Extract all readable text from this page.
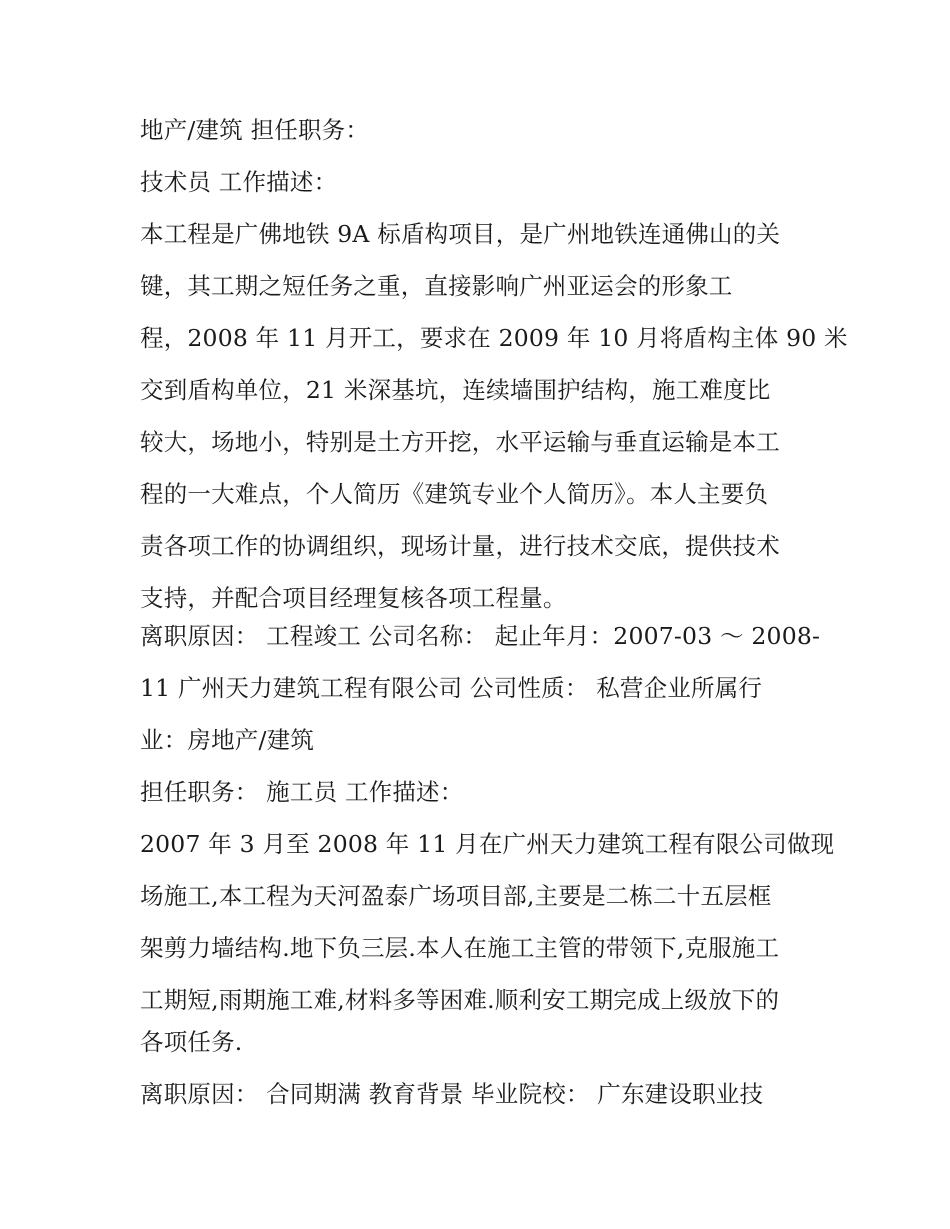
地产/建筑 担任职务：
技术员 工作描述：
本工程是广佛地铁 9A 标盾构项目，是广州地铁连通佛山的关
键，其工期之短任务之重，直接影响广州亚运会的形象工
程，2008 年 11 月开工，要求在 2009 年 10 月将盾构主体 90 米
交到盾构单位，21 米深基坑，连续墙围护结构，施工难度比
较大，场地小，特别是土方开挖，水平运输与垂直运输是本工
程的一大难点，个人简历《建筑专业个人简历》。本人主要负
责各项工作的协调组织，现场计量，进行技术交底，提供技术
支持，并配合项目经理复核各项工程量。
离职原因： 工程竣工 公司名称： 起止年月：2007-03 ～ 2008-
11 广州天力建筑工程有限公司 公司性质： 私营企业所属行
业：房地产/建筑
担任职务： 施工员 工作描述：
2007 年 3 月至 2008 年 11 月在广州天力建筑工程有限公司做现
场施工,本工程为天河盈泰广场项目部,主要是二栋二十五层框
架剪力墙结构.地下负三层.本人在施工主管的带领下,克服施工
工期短,雨期施工难,材料多等困难.顺利安工期完成上级放下的
各项任务.
离职原因： 合同期满 教育背景 毕业院校： 广东建设职业技
